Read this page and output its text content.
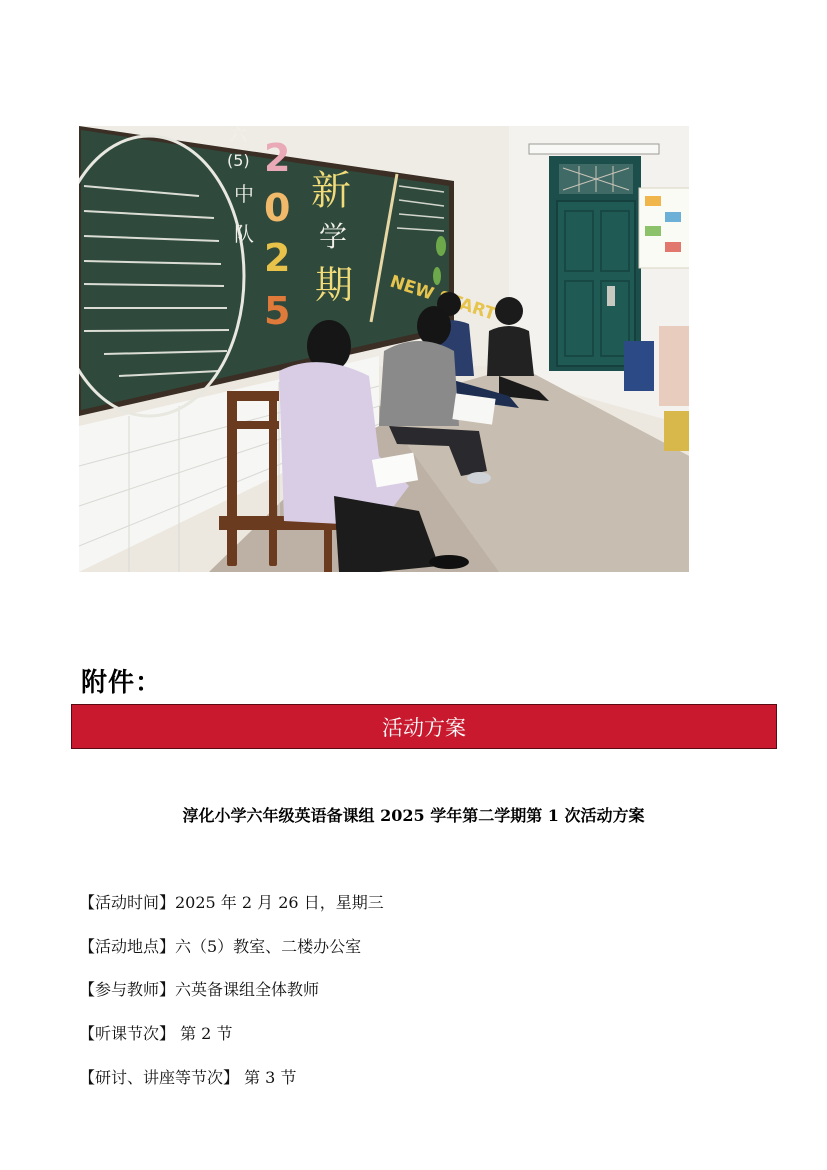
六
(5)
中
队
2
0
2
5
新
学
期 NEW START
附件：
活动方案
淳化小学六年级英语备课组 2025 学年第二学期第 1 次活动方案
【活动时间】2025 年 2 月 26 日，星期三
【活动地点】六（5）教室、二楼办公室
【参与教师】六英备课组全体教师
【听课节次】 第 2 节
【研讨、讲座等节次】 第 3 节
